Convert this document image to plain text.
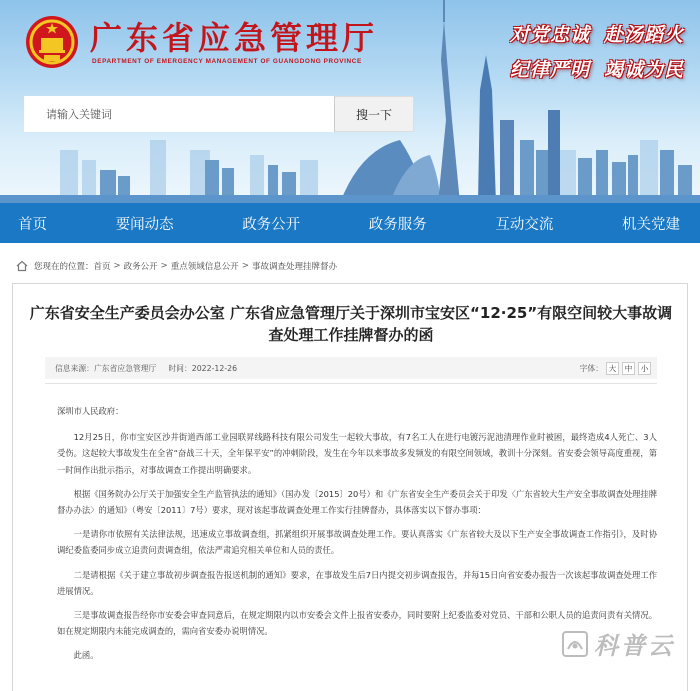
广东省应急管理厅
DEPARTMENT OF EMERGENCY MANAGEMENT OF GUANGDONG PROVINCE
对党忠诚 赴汤蹈火
纪律严明 竭诚为民
请输入关键词
搜一下
首页	要闻动态	政务公开	政务服务	互动交流	机关党建
您现在的位置： 首页 > 政务公开 > 重点领域信息公开 > 事故调查处理挂牌督办
广东省安全生产委员会办公室 广东省应急管理厅关于深圳市宝安区“12·25”有限空间较大事故调查处理工作挂牌督办的函
信息来源：广东省应急管理厅 时间：2022-12-26	字体： 大	中	小

深圳市人民政府：

12月25日，你市宝安区沙井街道西部工业园联昇线路科技有限公司发生一起较大事故，有7名工人在进行电镀污泥池清理作业时被困，最终造成4人死亡、3人受伤。这起较大事故发生在全省“奋战三十天，全年保平安”的冲刺阶段，发生在今年以来事故多发频发的有限空间领域，教训十分深刻。省安委会领导高度重视，第一时间作出批示指示，对事故调查工作提出明确要求。

根据《国务院办公厅关于加强安全生产监管执法的通知》（国办发〔2015〕20号）和《广东省安全生产委员会关于印发〈广东省较大生产安全事故调查处理挂牌督办办法〉的通知》（粤安〔2011〕7号）要求，现对该起事故调查处理工作实行挂牌督办，具体落实以下督办事项：

一是请你市依照有关法律法规，迅速成立事故调查组，抓紧组织开展事故调查处理工作。要认真落实《广东省较大及以下生产安全事故调查工作指引》，及时协调纪委监委同步成立追责问责调查组，依法严肃追究相关单位和人员的责任。

二是请根据《关于建立事故初步调查报告报送机制的通知》要求，在事故发生后7日内提交初步调查报告，并每15日向省安委办报告一次该起事故调查处理工作进展情况。

三是事故调查报告经你市安委会审查同意后，在规定期限内以市安委会文件上报省安委办，同时要附上纪委监委对党员、干部和公职人员的追责问责有关情况。如在规定期限内未能完成调查的，需向省安委办说明情况。

此函。	科普云
